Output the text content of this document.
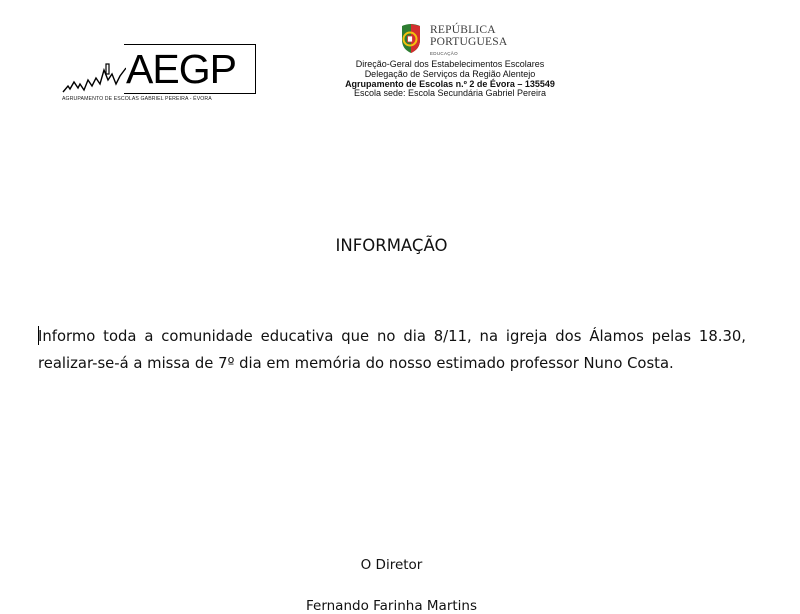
AEGP
AGRUPAMENTO DE ESCOLAS GABRIEL PEREIRA - ÉVORA
REPÚBLICA
PORTUGUESA
EDUCAÇÃO
Direção-Geral dos Estabelecimentos Escolares
Delegação de Serviços da Região Alentejo
Agrupamento de Escolas n.º 2 de Évora – 135549
Escola sede: Escola Secundária Gabriel Pereira
INFORMAÇÃO
Informo toda a comunidade educativa que no dia 8/11, na igreja dos Álamos pelas 18.30, realizar-se-á a missa de 7º dia em memória do nosso estimado professor Nuno Costa.
O Diretor
Fernando Farinha Martins
